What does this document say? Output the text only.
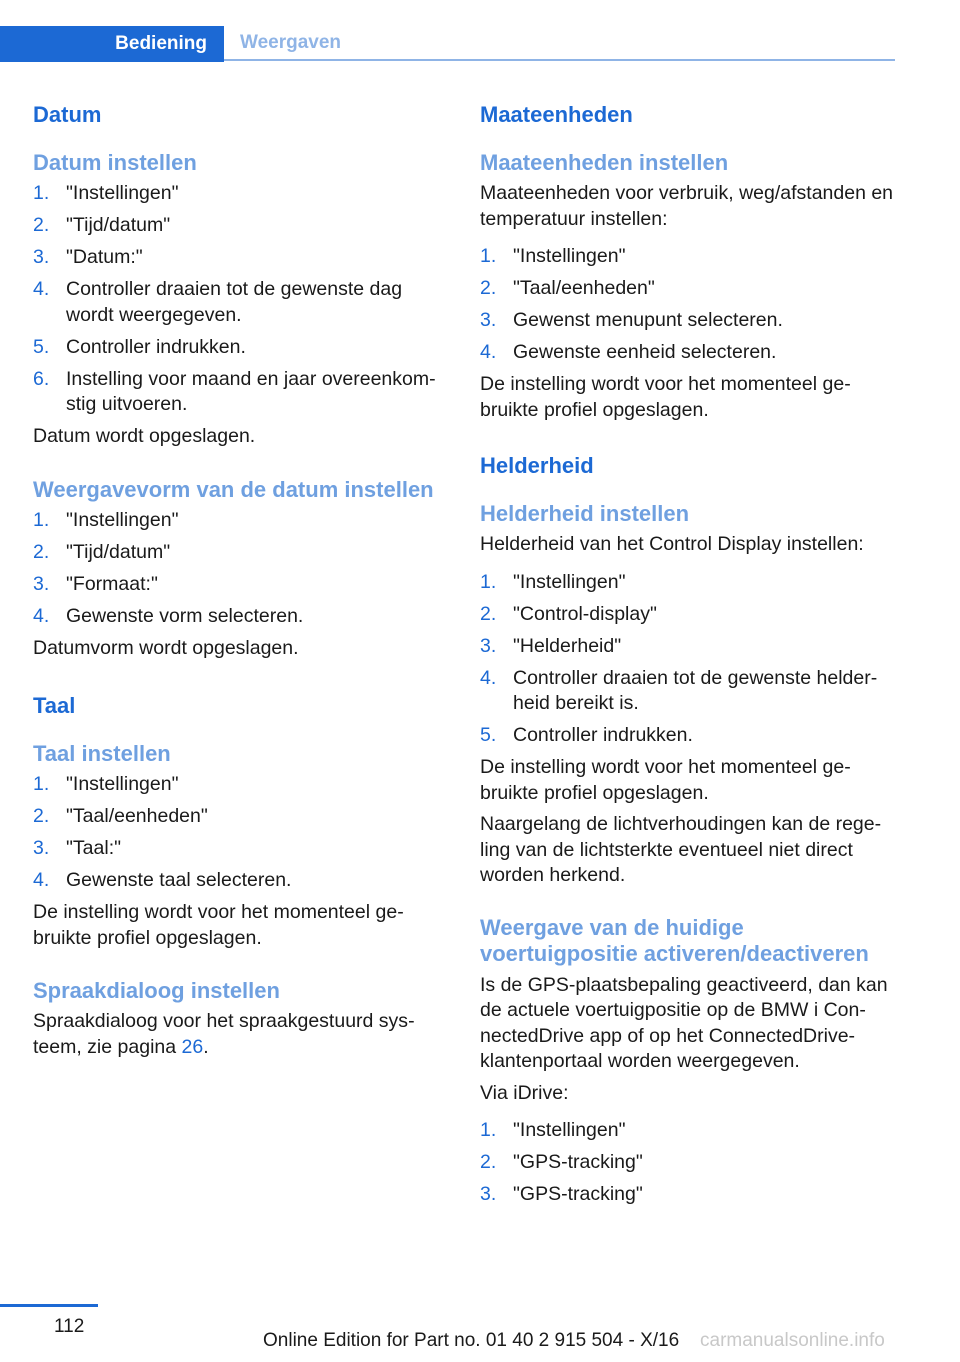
Bediening	Weergaven
Datum
Datum instellen
1. "Instellingen"
2. "Tijd/datum"
3. "Datum:"
4. Controller draaien tot de gewenste dag wordt weergegeven.
5. Controller indrukken.
6. Instelling voor maand en jaar overeenkomstig uitvoeren.

Datum wordt opgeslagen.

Weergavevorm van de datum instellen
1. "Instellingen"
2. "Tijd/datum"
3. "Formaat:"
4. Gewenste vorm selecteren.

Datumvorm wordt opgeslagen.

Taal
Taal instellen
1. "Instellingen"
2. "Taal/eenheden"
3. "Taal:"
4. Gewenste taal selecteren.

De instelling wordt voor het momenteel gebruikte profiel opgeslagen.

Spraakdialoog instellen

Spraakdialoog voor het spraakgestuurd systeem, zie pagina 26.

Maateenheden
Maateenheden instellen

Maateenheden voor verbruik, weg/afstanden en temperatuur instellen:

1. "Instellingen"
2. "Taal/eenheden"
3. Gewenst menupunt selecteren.
4. Gewenste eenheid selecteren.

De instelling wordt voor het momenteel gebruikte profiel opgeslagen.

Helderheid
Helderheid instellen

Helderheid van het Control Display instellen:

1. "Instellingen"
2. "Control-display"
3. "Helderheid"
4. Controller draaien tot de gewenste helderheid bereikt is.
5. Controller indrukken.

De instelling wordt voor het momenteel gebruikte profiel opgeslagen.

Naargelang de lichtverhoudingen kan de regeling van de lichtsterkte eventueel niet direct worden herkend.

Weergave van de huidige voertuigpositie activeren/deactiveren

Is de GPS-plaatsbepaling geactiveerd, dan kan de actuele voertuigpositie op de BMW i ConnectedDrive app of op het ConnectedDrive-klantenportaal worden weergegeven.

Via iDrive:

1. "Instellingen"
2. "GPS-tracking"
3. "GPS-tracking"
112
Online Edition for Part no. 01 40 2 915 504 - X/16 carmanualsonline.info
